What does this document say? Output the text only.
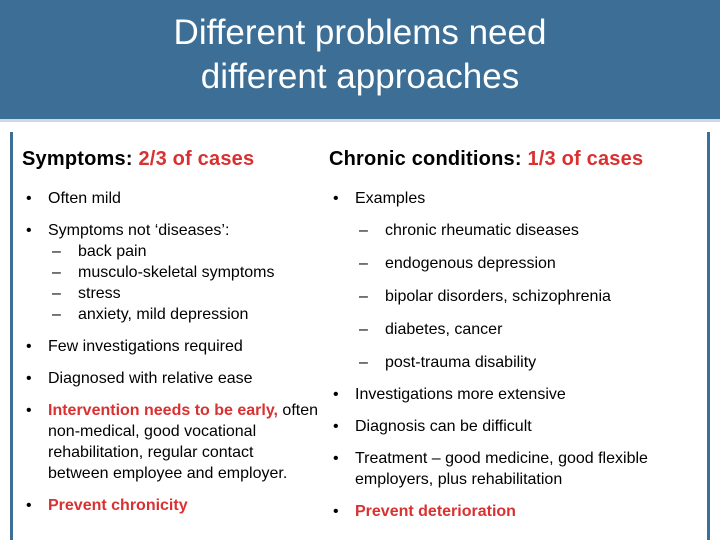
Different problems need
different approaches
Symptoms: 2/3 of cases
• Often mild
• Symptoms not ‘diseases’:
– back pain
– musculo-skeletal symptoms
– stress
– anxiety, mild depression
• Few investigations required
• Diagnosed with relative ease
• Intervention needs to be early, often non-medical, good vocational rehabilitation, regular contact between employee and employer.
• Prevent chronicity
Chronic conditions: 1/3 of cases
• Examples
– chronic rheumatic diseases
– endogenous depression
– bipolar disorders, schizophrenia
– diabetes, cancer
– post-trauma disability
• Investigations more extensive
• Diagnosis can be difficult
• Treatment – good medicine, good flexible employers, plus rehabilitation
• Prevent deterioration
